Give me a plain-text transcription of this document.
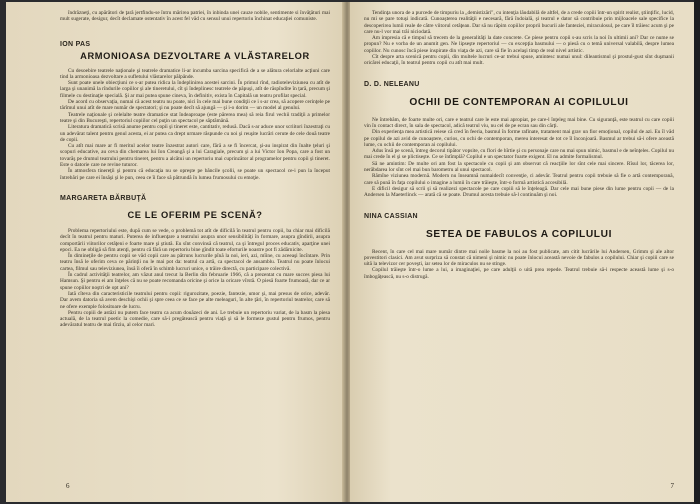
îndrăzneţi, cu apărători de ţară jertfindu-se întru mărirea patriei, în inbinda unei cauze nobile, sentimente si învăţături mai mult sugerate, desigur, decît declamate ostentativ în acest fel văd cu sensul unui repertoriu închinat educaţiei comuniste.

ION PAS
ARMONIOASA DEZVOLTARE A VLĂSTARELOR

Cu desoebire teatrele naţionale şi teatrele dramatice li-ar incumba sarcina specifică de a se alătura celorlalte acţiuni care tind la armonioasa dezvoltare a sufletului vlăstarelor pălpânde.

Sunt poate unele obiecţiuni ce s-ar putea ridica la îndeplinirea acestei sarcini. În primul rînd, radioteleviziunea cu atît de larga şi unanimă la rîndurile copiilor şi ale tineretului, cît şi îndeplinesc teatrele de păpuşi, atît de răspîndite în ţară, precum şi filmele cu destinaţie specială. Şi ar mai putea spune cineva, în definitiv, exista în Capitală un teatru profilat special.

De acord cu observaţia, numai că acest teatru nu poate, nici în cele mai bune condiţii ce i s-ar crea, să acopere cerinţele pe tărîmul unui atît de mare număr de spectatori; şi nu poate decît să ajungă — şi i-o dorim — un model al genului.

Teatrele naţionale şi celelalte teatre dramatice stat îndeaproape (este părerea mea) să reia firul vechii tradiţii a primelor teatre şi din Bucureşti, repertoriul copiilor cel puţin un spectacol pe săptămână.

Literatura dramatică scrisă anume pentru copii şi tineret este, cantitativ, redusă. Dacă s-ar aduce unor scriitori înzestraţi cu un adevărat talent pentru genul acesta, ei ar putea ca drept urmare răspunde cu noi şi reuşite lucrări cerute de cele două teatre de copii.

Cu atît mai mare ar fi meritul acelor teatre înzestrat autori care, fără a se fi încercat, şi-au inspirat din înalte ţeluri şi scopuri educative, au ceva din chemarea lui Ion Creangă şi a lui Caragiale, precum şi a lui Victor Ion Popa, care a fost un tovarăş pe drumul teatrului pentru tineret, pentru a alcătui un repertoriu mai cuprinzător al programelor pentru copii şi tineret. Este o datorie care ne revine tuturor.

În atmosfera tinereţii şi pentru că educaţia nu se opreşte pe băncile şcolii, se poate un spectacol ce-i pun la început întrebări pe care ei însăşi şi le pun, ceea ce îi face să pătrundă în lumea frumosului cu emoţie.

MARGARETA BĂRBUŢĂ
CE LE OFERIM PE SCENĂ?

Problema repertoriului este, după cum se vede, o problemă tot atît de dificilă în teatrul pentru copii, ba chiar mai dificilă decît în teatrul pentru maturi. Puterea de influenţare a teatrului asupra unor sensibilităţi în formare, asupra gîndirii, asupra comportării viitorilor cetăţeni e foarte mare şi ştiută. Eu sînt convinsă că teatrul, ca şi întregul proces educativ, aparţine unei epoci. Ea ne obligă să fim atenţi, pentru că fără un repertoriu bine gîndit toate eforturile noastre pot fi zădărnicite.

În dimineţile de pentru copii se văd copii care au pătruns lucrurile pînă la noi, ieri, azi, mîine, cu aceeaşi încîntare. Prin teatru însă le oferim ceva ce părinţii nu le mai pot da: teatrul ca artă, ca spectacol de ansamblu. Teatrul nu poate înlocui cartea, filmul sau televiziunea, însă îi oferă în schimb lucruri unice, o trăire directă, cu participare colectivă.

În cadrul activităţii teatrelor, am văzut anul trecut la Berlin din februarie 1966, că a prezentat cu mare succes piesa lui Hamsun. Şi pentru ei am înţeles că nu se poate recomanda oricine şi orice la oricare vîrstă. O piesă foarte frumoasă, dar ce ar spune copiilor noştri de opt ani?

Iată cîteva din caracteristicile teatrului pentru copii: rigurozitate, poezie, fantezie, umor şi, mai presus de orice, adevăr. Dar avem datoria să avem deschişi ochii şi spre ceea ce se face pe alte meleaguri, în alte ţări, în repertoriul teatrelor, care să ne ofere exemple folositoare de lucru.

Pentru copiii de astăzi nu putem face teatru ca acum douăzeci de ani. Le trebuie un repertoriu variat, de la basm la piesa actuală, de la teatrul poetic la comedie, care să-i pregătească pentru viaţă şi să le formeze gustul pentru frumos, pentru adevăratul teatru de mai tîrziu, al celor mari.

6

Tendinţa unora de a purcede de timpuriu la „demistizări", cu intenţia lăudabilă de altfel, de a crede copiii într-un spirit realist, ştiinţific, lucid, nu mi se pare totuşi indicată. Cunoaşterea realităţii e necesară, fără îndoială, şi teatrul e dator să contribuie prin mijloacele sale specifice la descoperirea lumii reale de către viitorul cetăţean. Dar să nu răpim copiilor proprii bucurii ale fanteziei, miraculosul, pe care îl trăiesc acum şi pe care nu-l vor mai trăi niciodată.

Am impresia că e timpul să trecem de la generalităţi la date concrete. Ce piese pentru copii s-au scris la noi în ultimii ani? Dar ce nume se propun? Nu e vorba de un anumit gen. Ne lipseşte repertoriul — cu excepţia basmului — o piesă cu o temă universal valabilă, despre lumea copiilor. Nu cunosc încă piese inspirate din viaţa de azi, care să fie în acelaşi timp de real nivel artistic.

Cît despre arta scenică pentru copii, din multele lucruri ce-ar trebui spuse, amintesc numai unul: dileantismul şi prostul-gust sînt duşmanii oricărei educaţii, în teatrul pentru copii cu atît mai mult.

D. D. NELEANU
OCHII DE CONTEMPORAN AI COPILULUI

Ne întrebăm, de foarte multe ori, care e teatrul care le este mai apropiat, pe care-l înţeleg mai bine. Cu siguranţă, este teatrul cu care copiii vin în contact direct, în sala de spectacol, adică teatrul viu, nu cel de pe ecran sau din cărţi.

Din experienţa mea artistică reiese că cred în feeria, basmul în forme rafinate, tratament mai grav un fior emoţional, copilul de azi. Eu îl văd pe copilul de azi avid de cunoaştere, curios, cu ochi de contemporan, mereu interesat de tot ce îl înconjoară. Basmul ar trebui să-i ofere această lume, cu ochii de contemporan ai copilului.

Adus însă pe scenă, întreg decorul tipător vopsite, cu flori de hîrtie şi cu personaje care nu mai spun nimic, basmul e de neînţeles. Copilul nu mai crede în el şi se plictiseşte. Ce se întîmplă? Copilul e un spectator foarte exigent. El nu admite formalismul.

Să ne amintim: De multe ori am fost la spectacole cu copii şi am observat că reacţiile lor sînt cele mai sincere. Rîsul lor, tăcerea lor, nerăbdarea lor sînt cel mai bun barometru al unui spectacol.

Rămîne viziunea modernă. Modern nu înseamnă numaidecît convenţie, ci adevăr. Teatrul pentru copii trebuie să fie o artă contemporană, care să pună în faţa copilului o imagine a lumii în care trăieşte, într-o formă artistică accesibilă.

E dificil desigur să scrii şi să realizezi spectacole pe care copiii să le înţeleagă. Dar cele mai bune piese din lume pentru copii — de la Andersen la Maeterlinck — arată că se poate. Drumul acesta trebuie să-l continuăm şi noi.

NINA CASSIAN
SETEA DE FABULOS A COPILULUI

Recent, în care cel mai mare număr dintre mai noile basme la noi au fost publicate, am citit lucrările lui Andersen, Grimm şi ale altor povestitori clasici. Am avut surpriza să constat că nimeni şi nimic nu poate înlocui această nevoie de fabulos a copilului. Chiar şi copiii care se uită la televizor cer poveşti, iar setea lor de miraculos nu se stinge.

Copilul trăieşte într-o lume a lui, a imaginaţiei, pe care adulţii o uită prea repede. Teatrul trebuie să-i respecte această lume şi s-o îmbogăţească, nu s-o distrugă.

7
